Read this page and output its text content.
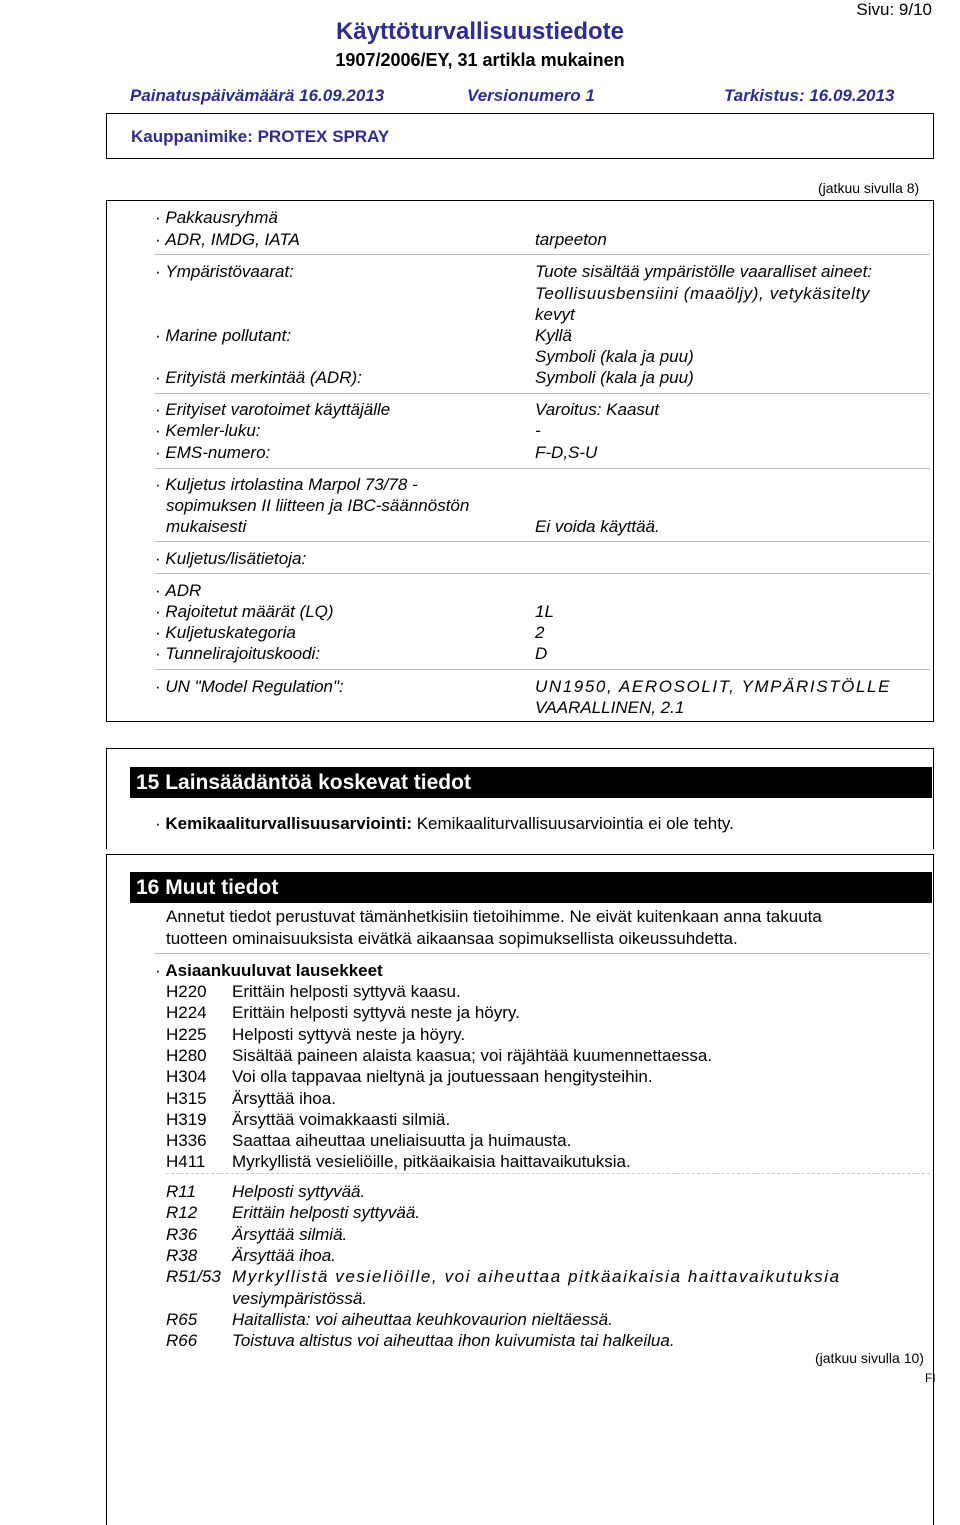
Sivu: 9/10
Käyttöturvallisuustiedote
1907/2006/EY, 31 artikla mukainen
Painatuspäivämäärä 16.09.2013	Versionumero 1	Tarkistus: 16.09.2013
Kauppanimike: PROTEX SPRAY
(jatkuu sivulla 8)
· Pakkausryhmä
· ADR, IMDG, IATA	tarpeeton
· Ympäristövaarat:	Tuote sisältää ympäristölle vaaralliset aineet:
Teollisuusbensiini (maaöljy), vetykäsitelty
kevyt
· Marine pollutant:	Kyllä
Symboli (kala ja puu)
· Erityistä merkintää (ADR):	Symboli (kala ja puu)
· Erityiset varotoimet käyttäjälle	Varoitus: Kaasut
· Kemler-luku:	-
· EMS-numero:	F-D,S-U
· Kuljetus irtolastina Marpol 73/78 -
sopimuksen II liitteen ja IBC-säännöstön
mukaisesti	Ei voida käyttää.
· Kuljetus/lisätietoja:
· ADR
· Rajoitetut määrät (LQ)	1L
· Kuljetuskategoria	2
· Tunnelirajoituskoodi:	D
· UN "Model Regulation":	UN1950, AEROSOLIT, YMPÄRISTÖLLE
VAARALLINEN, 2.1
15 Lainsäädäntöä koskevat tiedot
· Kemikaaliturvallisuusarviointi: Kemikaaliturvallisuusarviointia ei ole tehty.
16 Muut tiedot
Annetut tiedot perustuvat tämänhetkisiin tietoihimme. Ne eivät kuitenkaan anna takuuta
tuotteen ominaisuuksista eivätkä aikaansaa sopimuksellista oikeussuhdetta.
· Asiaankuuluvat lausekkeet
H220 Erittäin helposti syttyvä kaasu.
H224 Erittäin helposti syttyvä neste ja höyry.
H225 Helposti syttyvä neste ja höyry.
H280 Sisältää paineen alaista kaasua; voi räjähtää kuumennettaessa.
H304 Voi olla tappavaa nieltynä ja joutuessaan hengitysteihin.
H315 Ärsyttää ihoa.
H319 Ärsyttää voimakkaasti silmiä.
H336 Saattaa aiheuttaa uneliaisuutta ja huimausta.
H411 Myrkyllistä vesieliöille, pitkäaikaisia haittavaikutuksia.
R11 Helposti syttyvää.
R12 Erittäin helposti syttyvää.
R36 Ärsyttää silmiä.
R38 Ärsyttää ihoa.
R51/53 Myrkyllistä vesieliöille, voi aiheuttaa pitkäaikaisia haittavaikutuksia
vesiympäristössä.
R65 Haitallista: voi aiheuttaa keuhkovaurion nieltäessä.
R66 Toistuva altistus voi aiheuttaa ihon kuivumista tai halkeilua.
(jatkuu sivulla 10)
FI
